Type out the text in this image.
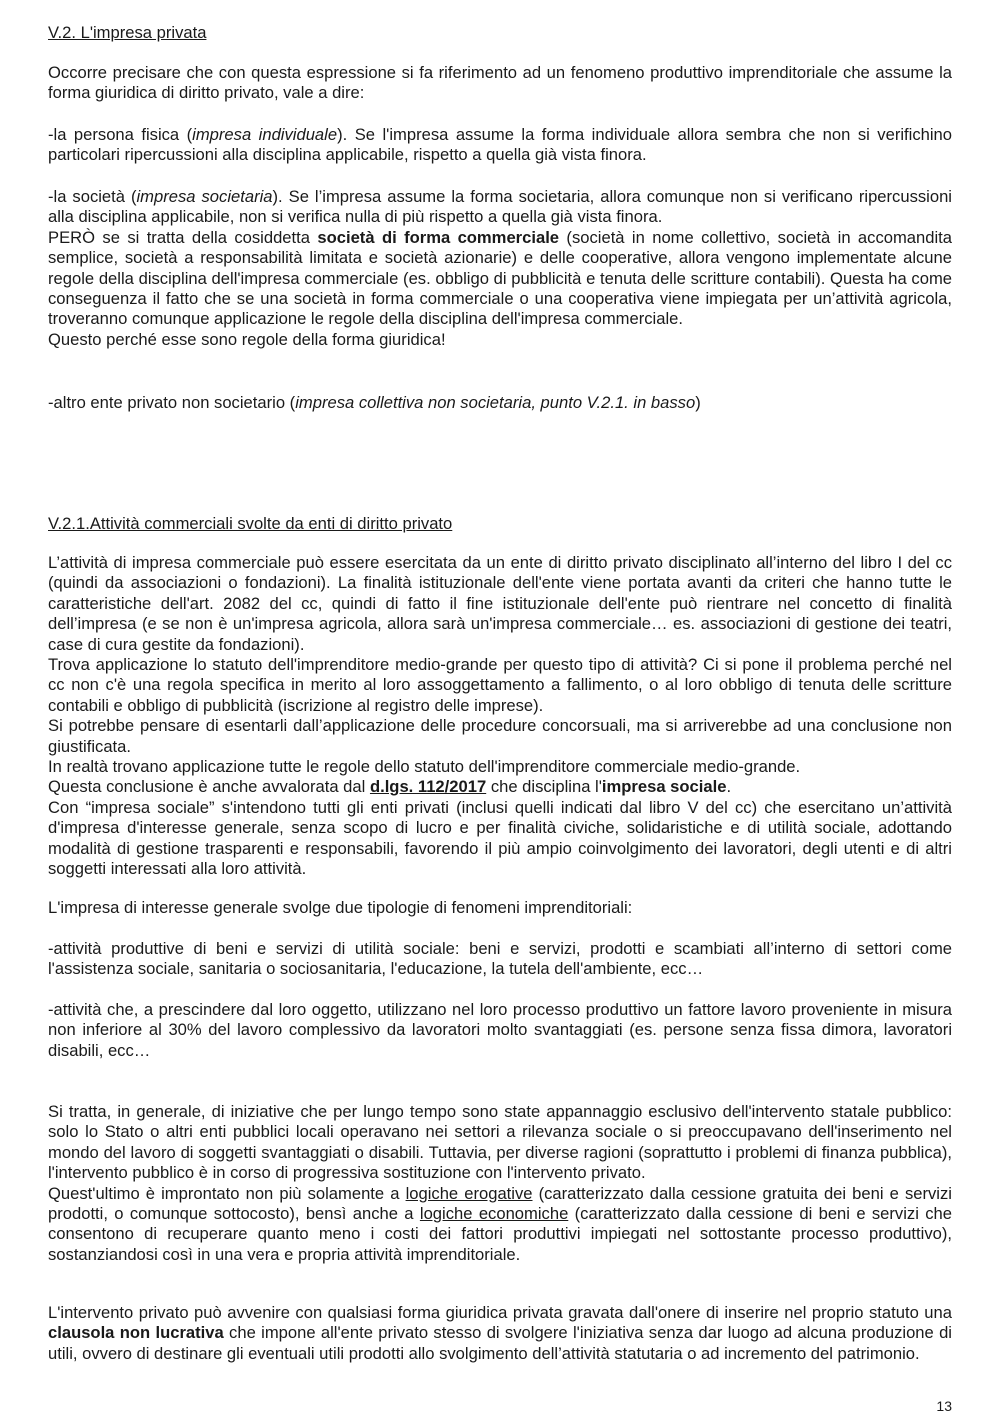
V.2. L'impresa privata

Occorre precisare che con questa espressione si fa riferimento ad un fenomeno produttivo imprenditoriale che assume la forma giuridica di diritto privato, vale a dire:

-la persona fisica (impresa individuale). Se l'impresa assume la forma individuale allora sembra che non si verifichino particolari ripercussioni alla disciplina applicabile, rispetto a quella già vista finora.

-la società (impresa societaria). Se l’impresa assume la forma societaria, allora comunque non si verificano ripercussioni alla disciplina applicabile, non si verifica nulla di più rispetto a quella già vista finora.

PERÒ se si tratta della cosiddetta società di forma commerciale (società in nome collettivo, società in accomandita semplice, società a responsabilità limitata e società azionarie) e delle cooperative, allora vengono implementate alcune regole della disciplina dell'impresa commerciale (es. obbligo di pubblicità e tenuta delle scritture contabili). Questa ha come conseguenza il fatto che se una società in forma commerciale o una cooperativa viene impiegata per un’attività agricola, troveranno comunque applicazione le regole della disciplina dell'impresa commerciale.

Questo perché esse sono regole della forma giuridica!

-altro ente privato non societario (impresa collettiva non societaria, punto V.2.1. in basso)

V.2.1.Attività commerciali svolte da enti di diritto privato

L’attività di impresa commerciale può essere esercitata da un ente di diritto privato disciplinato all’interno del libro I del cc (quindi da associazioni o fondazioni). La finalità istituzionale dell'ente viene portata avanti da criteri che hanno tutte le caratteristiche dell'art. 2082 del cc, quindi di fatto il fine istituzionale dell'ente può rientrare nel concetto di finalità dell’impresa (e se non è un'impresa agricola, allora sarà un'impresa commerciale… es. associazioni di gestione dei teatri, case di cura gestite da fondazioni).

Trova applicazione lo statuto dell'imprenditore medio-grande per questo tipo di attività? Ci si pone il problema perché nel cc non c'è una regola specifica in merito al loro assoggettamento a fallimento, o al loro obbligo di tenuta delle scritture contabili e obbligo di pubblicità (iscrizione al registro delle imprese).

Si potrebbe pensare di esentarli dall’applicazione delle procedure concorsuali, ma si arriverebbe ad una conclusione non giustificata.

In realtà trovano applicazione tutte le regole dello statuto dell'imprenditore commerciale medio-grande.

Questa conclusione è anche avvalorata dal d.lgs. 112/2017 che disciplina l'impresa sociale.

Con “impresa sociale” s'intendono tutti gli enti privati (inclusi quelli indicati dal libro V del cc) che esercitano un’attività d'impresa d'interesse generale, senza scopo di lucro e per finalità civiche, solidaristiche e di utilità sociale, adottando modalità di gestione trasparenti e responsabili, favorendo il più ampio coinvolgimento dei lavoratori, degli utenti e di altri soggetti interessati alla loro attività.

L'impresa di interesse generale svolge due tipologie di fenomeni imprenditoriali:

-attività produttive di beni e servizi di utilità sociale: beni e servizi, prodotti e scambiati all’interno di settori come l'assistenza sociale, sanitaria o sociosanitaria, l'educazione, la tutela dell'ambiente, ecc…

-attività che, a prescindere dal loro oggetto, utilizzano nel loro processo produttivo un fattore lavoro proveniente in misura non inferiore al 30% del lavoro complessivo da lavoratori molto svantaggiati (es. persone senza fissa dimora, lavoratori disabili, ecc…

Si tratta, in generale, di iniziative che per lungo tempo sono state appannaggio esclusivo dell'intervento statale pubblico: solo lo Stato o altri enti pubblici locali operavano nei settori a rilevanza sociale o si preoccupavano dell'inserimento nel mondo del lavoro di soggetti svantaggiati o disabili. Tuttavia, per diverse ragioni (soprattutto i problemi di finanza pubblica), l'intervento pubblico è in corso di progressiva sostituzione con l'intervento privato.

Quest'ultimo è improntato non più solamente a logiche erogative (caratterizzato dalla cessione gratuita dei beni e servizi prodotti, o comunque sottocosto), bensì anche a logiche economiche (caratterizzato dalla cessione di beni e servizi che consentono di recuperare quanto meno i costi dei fattori produttivi impiegati nel sottostante processo produttivo), sostanziandosi così in una vera e propria attività imprenditoriale.

L'intervento privato può avvenire con qualsiasi forma giuridica privata gravata dall'onere di inserire nel proprio statuto una clausola non lucrativa che impone all'ente privato stesso di svolgere l'iniziativa senza dar luogo ad alcuna produzione di utili, ovvero di destinare gli eventuali utili prodotti allo svolgimento dell’attività statutaria o ad incremento del patrimonio.

13
